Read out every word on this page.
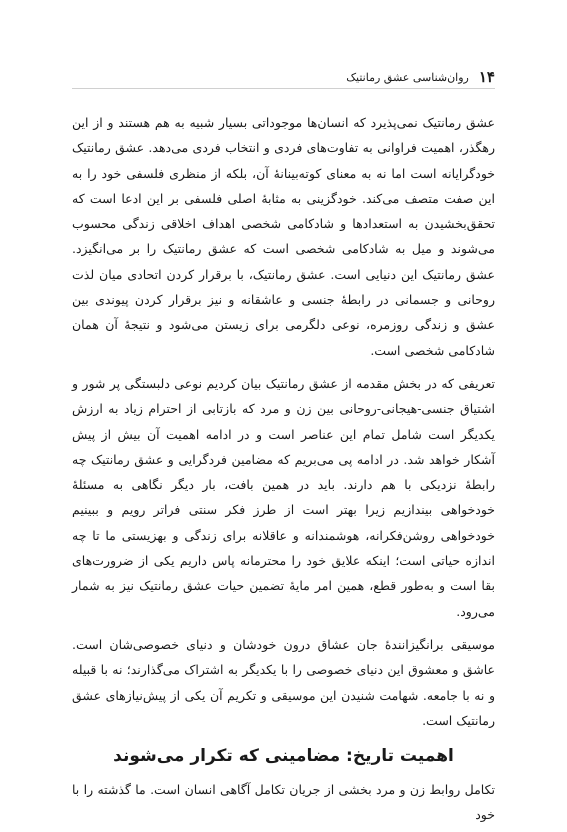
۱۴
روان‌شناسی عشق رمانتیک

عشق رمانتیک نمی‌پذیرد که انسان‌ها موجوداتی بسیار شبیه به هم هستند و از این رهگذر، اهمیت فراوانی به تفاوت‌های فردی و انتخاب فردی می‌دهد. عشق رمانتیک خودگرایانه است اما نه به معنای کوته‌بینانهٔ آن، بلکه از منظری فلسفی خود را به این صفت متصف می‌کند. خودگزینی به مثابهٔ اصلی فلسفی بر این ادعا است که تحقق‌بخشیدن به استعدادها و شادکامی شخصی اهداف اخلاقی زندگی محسوب می‌شوند و میل به شادکامی شخصی است که عشق رمانتیک را بر می‌انگیزد. عشق رمانتیک این دنیایی است. عشق رمانتیک، با برقرار کردن اتحادی میان لذت روحانی و جسمانی در رابطهٔ جنسی و عاشقانه و نیز برقرار کردن پیوندی بین عشق و زندگی روزمره، نوعی دلگرمی برای زیستن می‌شود و نتیجهٔ آن همان شادکامی شخصی است.

تعریفی که در بخش مقدمه از عشق رمانتیک بیان کردیم نوعی دلبستگی پر شور و اشتیاق جنسی-هیجانی-روحانی بین زن و مرد که بازتابی از احترام زیاد به ارزش یکدیگر است شامل تمام این عناصر است و در ادامه اهمیت آن بیش از پیش آشکار خواهد شد. در ادامه پی می‌بریم که مضامین فردگرایی و عشق رمانتیک چه رابطهٔ نزدیکی با هم دارند. باید در همین بافت، بار دیگر نگاهی به مسئلهٔ خودخواهی بیندازیم زیرا بهتر است از طرز فکر سنتی فراتر رویم و ببینیم خودخواهی روشن‌فکرانه، هوشمندانه و عاقلانه برای زندگی و بهزیستی ما تا چه اندازه حیاتی است؛ اینکه علایق خود را محترمانه پاس داریم یکی از ضرورت‌های بقا است و به‌طور قطع، همین امر مایهٔ تضمین حیات عشق رمانتیک نیز به شمار می‌رود.

موسیقی برانگیزانندهٔ جان عشاق درون خودشان و دنیای خصوصی‌شان است. عاشق و معشوق این دنیای خصوصی را با یکدیگر به اشتراک می‌گذارند؛ نه با قبیله و نه با جامعه. شهامت شنیدن این موسیقی و تکریم آن یکی از پیش‌نیازهای عشق رمانتیک است.

اهمیت تاریخ: مضامینی که تکرار می‌شوند

تکامل روابط زن و مرد بخشی از جریان تکامل آگاهی انسان است. ما گذشته را با خود
